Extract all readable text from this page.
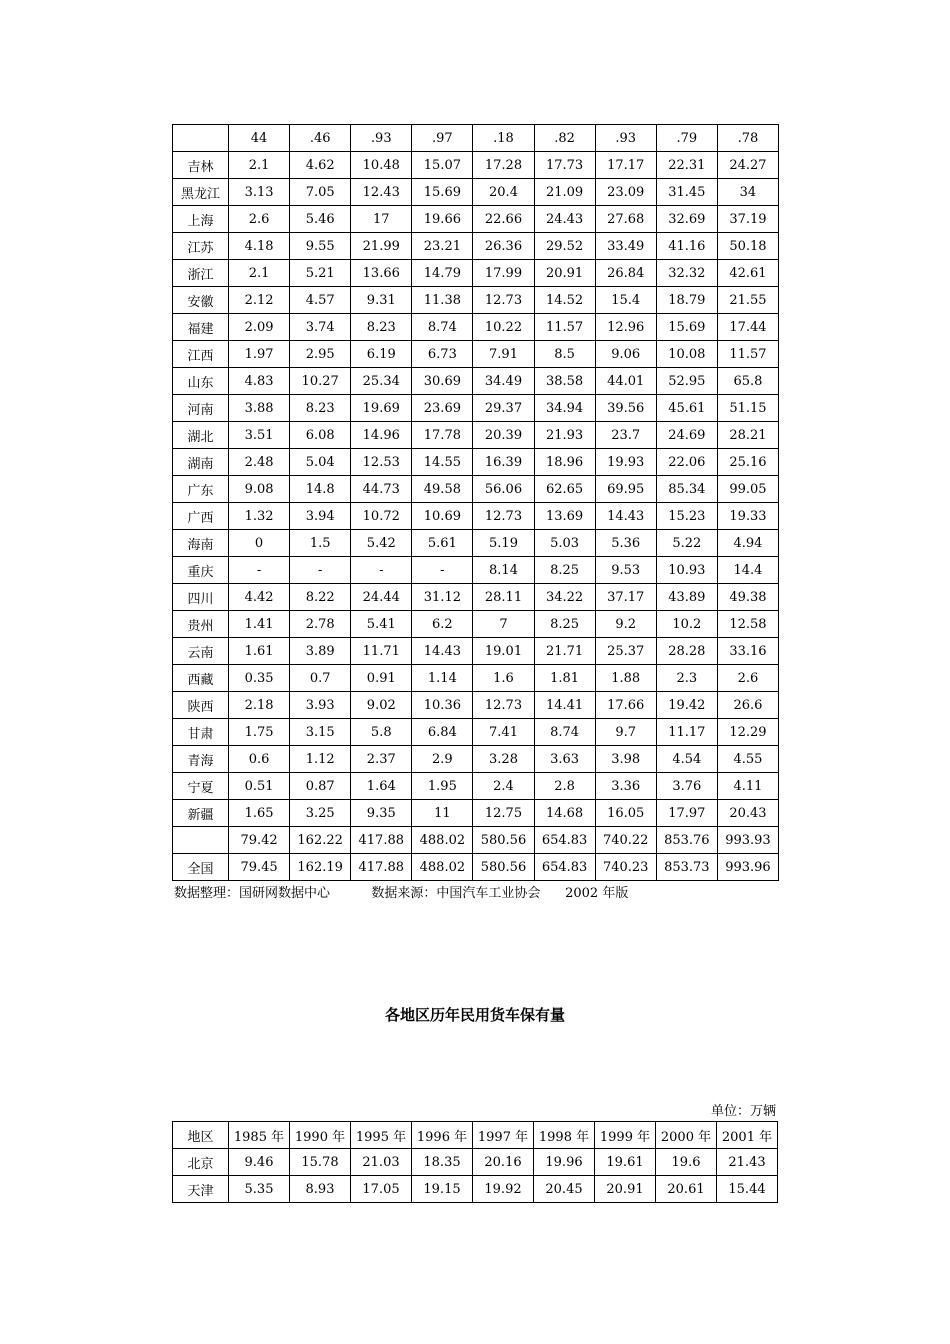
	44	.46	.93	.97	.18	.82	.93	.79	.78
吉林	2.1	4.62	10.48	15.07	17.28	17.73	17.17	22.31	24.27
黑龙江	3.13	7.05	12.43	15.69	20.4	21.09	23.09	31.45	34
上海	2.6	5.46	17	19.66	22.66	24.43	27.68	32.69	37.19
江苏	4.18	9.55	21.99	23.21	26.36	29.52	33.49	41.16	50.18
浙江	2.1	5.21	13.66	14.79	17.99	20.91	26.84	32.32	42.61
安徽	2.12	4.57	9.31	11.38	12.73	14.52	15.4	18.79	21.55
福建	2.09	3.74	8.23	8.74	10.22	11.57	12.96	15.69	17.44
江西	1.97	2.95	6.19	6.73	7.91	8.5	9.06	10.08	11.57
山东	4.83	10.27	25.34	30.69	34.49	38.58	44.01	52.95	65.8
河南	3.88	8.23	19.69	23.69	29.37	34.94	39.56	45.61	51.15
湖北	3.51	6.08	14.96	17.78	20.39	21.93	23.7	24.69	28.21
湖南	2.48	5.04	12.53	14.55	16.39	18.96	19.93	22.06	25.16
广东	9.08	14.8	44.73	49.58	56.06	62.65	69.95	85.34	99.05
广西	1.32	3.94	10.72	10.69	12.73	13.69	14.43	15.23	19.33
海南	0	1.5	5.42	5.61	5.19	5.03	5.36	5.22	4.94
重庆	-	-	-	-	8.14	8.25	9.53	10.93	14.4
四川	4.42	8.22	24.44	31.12	28.11	34.22	37.17	43.89	49.38
贵州	1.41	2.78	5.41	6.2	7	8.25	9.2	10.2	12.58
云南	1.61	3.89	11.71	14.43	19.01	21.71	25.37	28.28	33.16
西藏	0.35	0.7	0.91	1.14	1.6	1.81	1.88	2.3	2.6
陕西	2.18	3.93	9.02	10.36	12.73	14.41	17.66	19.42	26.6
甘肃	1.75	3.15	5.8	6.84	7.41	8.74	9.7	11.17	12.29
青海	0.6	1.12	2.37	2.9	3.28	3.63	3.98	4.54	4.55
宁夏	0.51	0.87	1.64	1.95	2.4	2.8	3.36	3.76	4.11
新疆	1.65	3.25	9.35	11	12.75	14.68	16.05	17.97	20.43
	79.42	162.22	417.88	488.02	580.56	654.83	740.22	853.76	993.93
全国	79.45	162.19	417.88	488.02	580.56	654.83	740.23	853.73	993.96
数据整理：国研网数据中心          数据来源：中国汽车工业协会      2002 年版
各地区历年民用货车保有量
单位：万辆
地区	1985 年	1990 年	1995 年	1996 年	1997 年	1998 年	1999 年	2000 年	2001 年
北京	9.46	15.78	21.03	18.35	20.16	19.96	19.61	19.6	21.43
天津	5.35	8.93	17.05	19.15	19.92	20.45	20.91	20.61	15.44
